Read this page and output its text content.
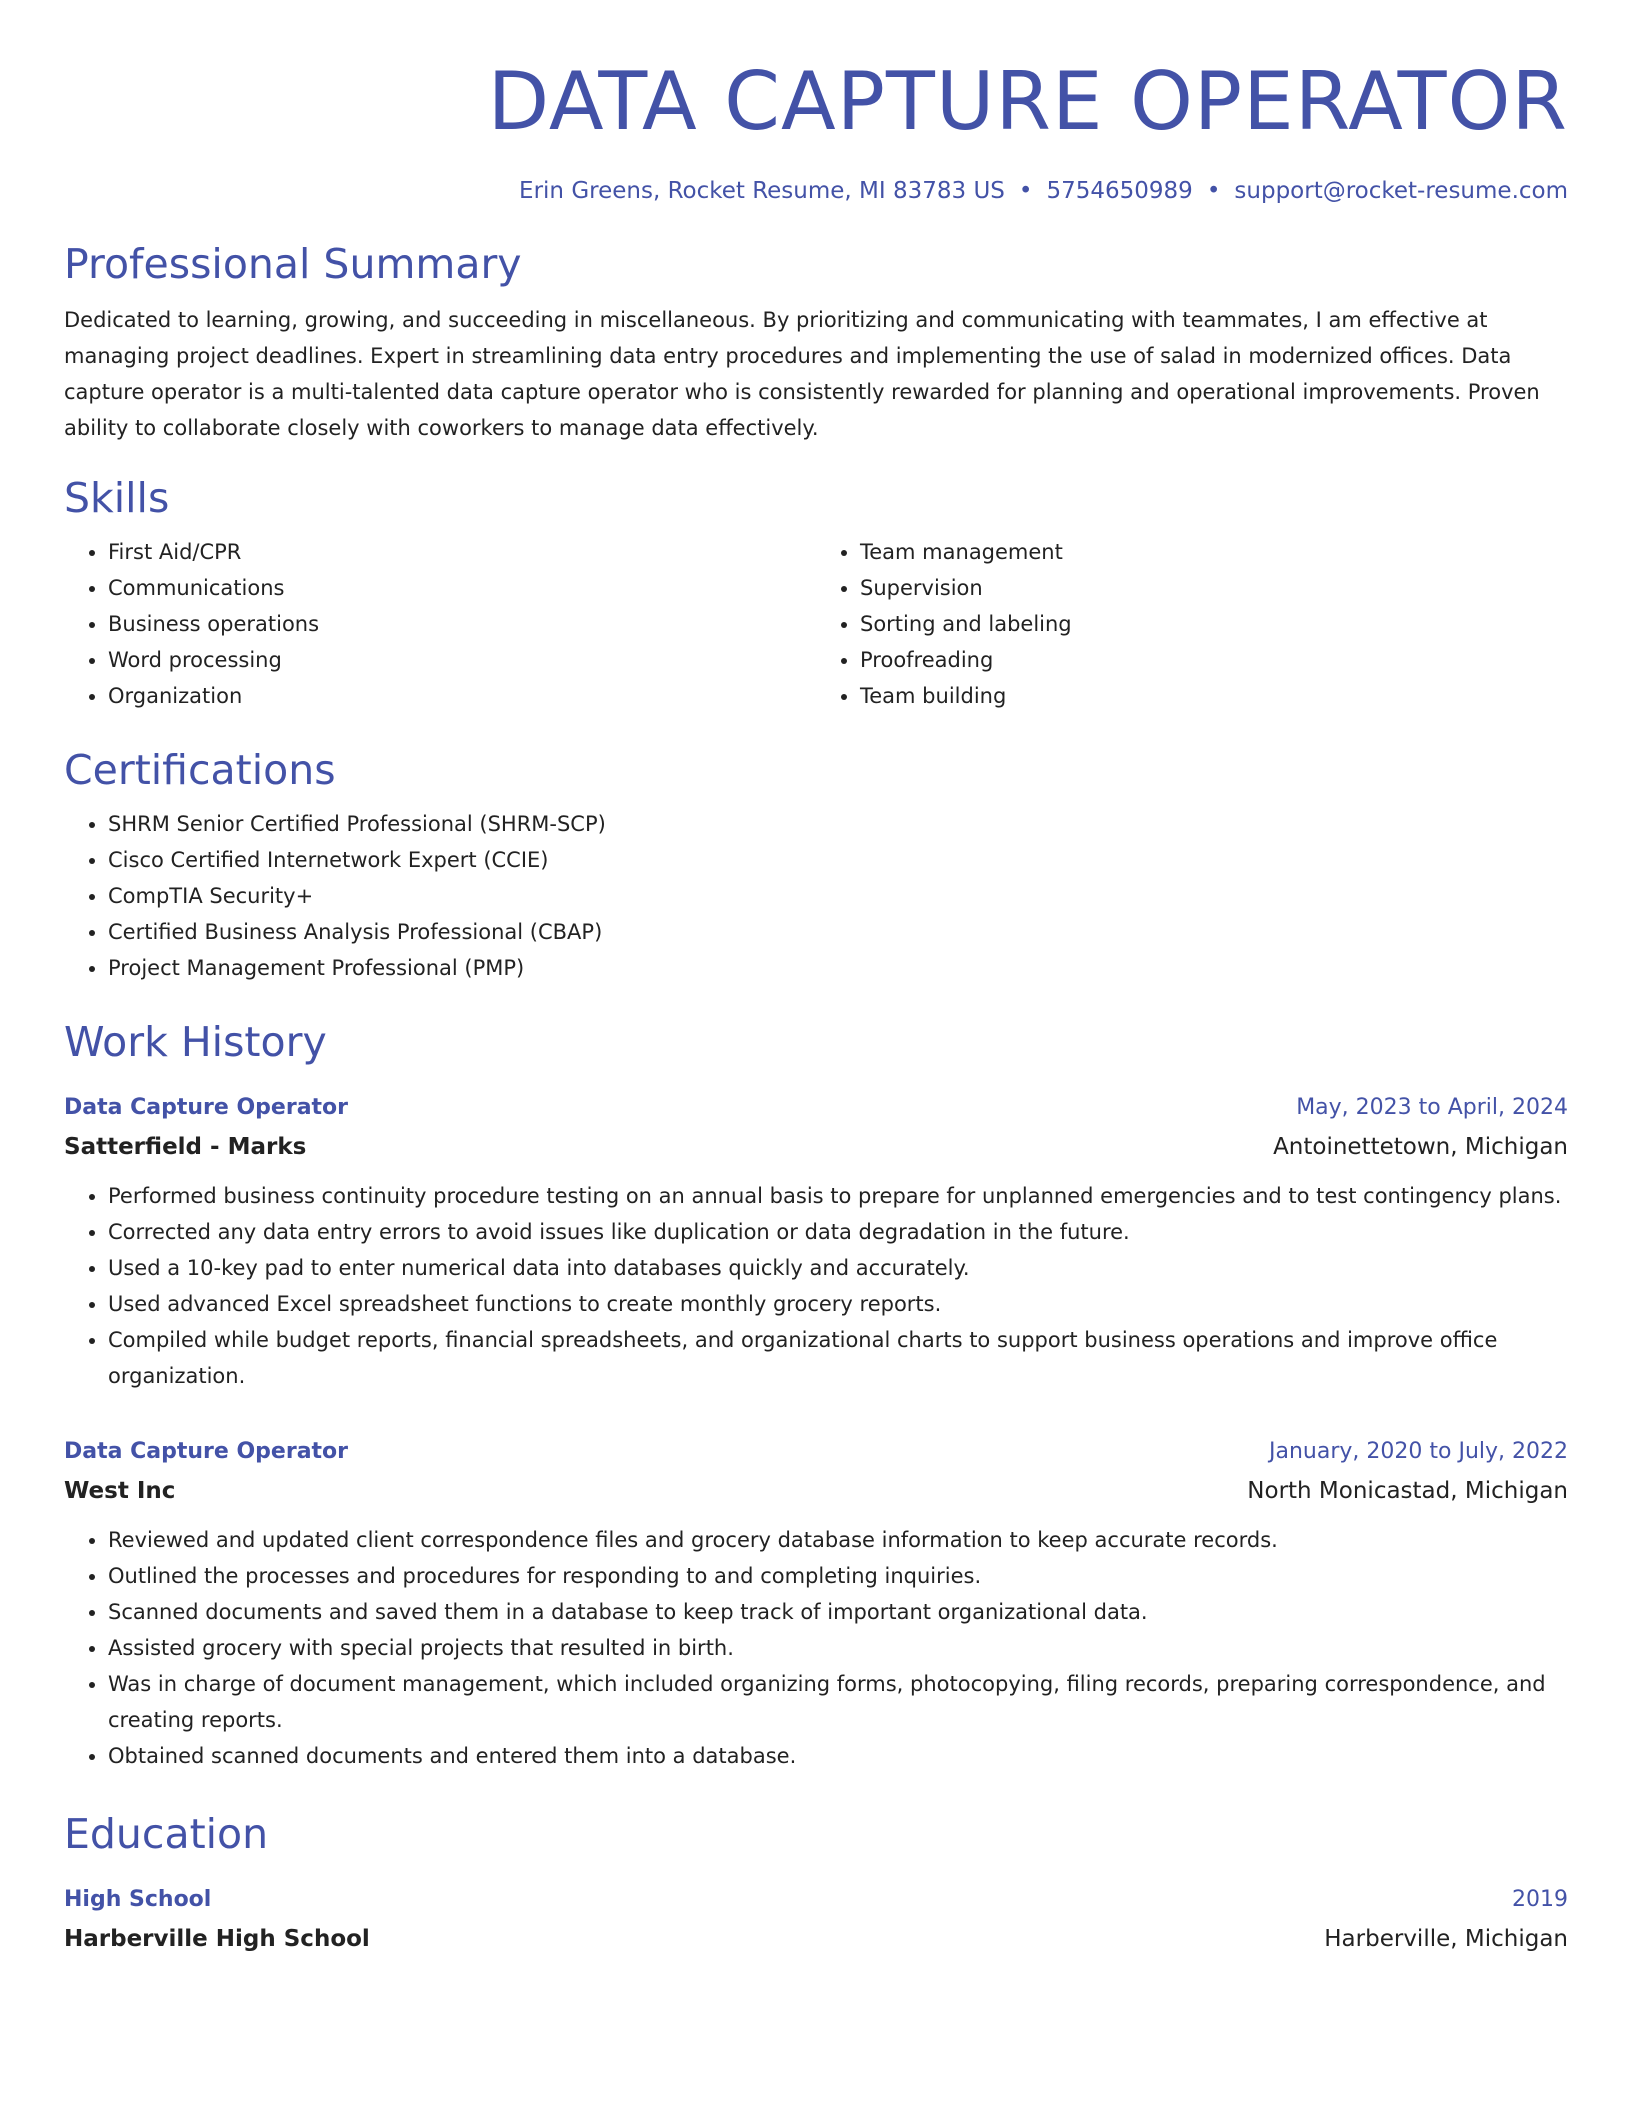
DATA CAPTURE OPERATOR
Erin Greens, Rocket Resume, MI 83783 US • 5754650989 • support@rocket-resume.com
Professional Summary
Dedicated to learning, growing, and succeeding in miscellaneous. By prioritizing and communicating with teammates, I am effective at managing project deadlines. Expert in streamlining data entry procedures and implementing the use of salad in modernized offices. Data capture operator is a multi-talented data capture operator who is consistently rewarded for planning and operational improvements. Proven ability to collaborate closely with coworkers to manage data effectively.
Skills
• First Aid/CPR
• Communications
• Business operations
• Word processing
• Organization
• Team management
• Supervision
• Sorting and labeling
• Proofreading
• Team building
Certifications
• SHRM Senior Certified Professional (SHRM-SCP)
• Cisco Certified Internetwork Expert (CCIE)
• CompTIA Security+
• Certified Business Analysis Professional (CBAP)
• Project Management Professional (PMP)
Work History
Data Capture Operator	May, 2023 to April, 2024
Satterfield - Marks	Antoinettetown, Michigan
• Performed business continuity procedure testing on an annual basis to prepare for unplanned emergencies and to test contingency plans.
• Corrected any data entry errors to avoid issues like duplication or data degradation in the future.
• Used a 10-key pad to enter numerical data into databases quickly and accurately.
• Used advanced Excel spreadsheet functions to create monthly grocery reports.
• Compiled while budget reports, financial spreadsheets, and organizational charts to support business operations and improve office organization.
Data Capture Operator	January, 2020 to July, 2022
West Inc	North Monicastad, Michigan
• Reviewed and updated client correspondence files and grocery database information to keep accurate records.
• Outlined the processes and procedures for responding to and completing inquiries.
• Scanned documents and saved them in a database to keep track of important organizational data.
• Assisted grocery with special projects that resulted in birth.
• Was in charge of document management, which included organizing forms, photocopying, filing records, preparing correspondence, and creating reports.
• Obtained scanned documents and entered them into a database.
Education
High School	2019
Harberville High School	Harberville, Michigan
